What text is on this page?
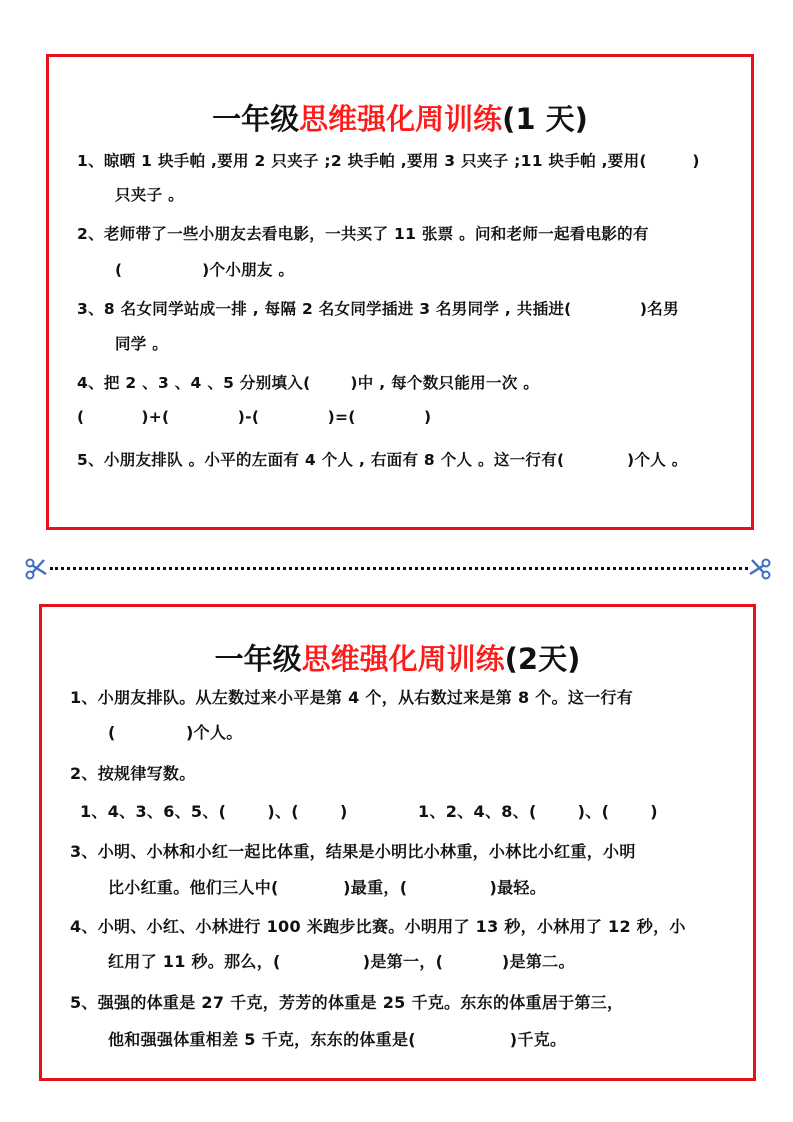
一年级思维强化周训练(1 天)
1、晾晒 1 块手帕 ,要用 2 只夹子 ;2 块手帕 ,要用 3 只夹子 ;11 块手帕 ,要用(        )
只夹子 。
2、老师带了一些小朋友去看电影，一共买了 11 张票 。问和老师一起看电影的有
(              )个小朋友 。
3、8 名女同学站成一排 , 每隔 2 名女同学插进 3 名男同学 , 共插进(            )名男
同学 。
4、把 2 、3 、4 、5 分别填入(       )中 , 每个数只能用一次 。
(          )+(            )-(            )=(            )
5、小朋友排队 。小平的左面有 4 个人 , 右面有 8 个人 。这一行有(           )个人 。
一年级思维强化周训练(2天)
1、小朋友排队。从左数过来小平是第 4 个，从右数过来是第 8 个。这一行有
(            )个人。
2、按规律写数。
1、4、3、6、5、(       )、(       )            1、2、4、8、(       )、(       )
3、小明、小林和小红一起比体重，结果是小明比小林重，小林比小红重，小明
比小红重。他们三人中(           )最重，(              )最轻。
4、小明、小红、小林进行 100 米跑步比赛。小明用了 13 秒，小林用了 12 秒，小
红用了 11 秒。那么，(              )是第一，(          )是第二。
5、强强的体重是 27 千克，芳芳的体重是 25 千克。东东的体重居于第三，
他和强强体重相差 5 千克，东东的体重是(                )千克。
